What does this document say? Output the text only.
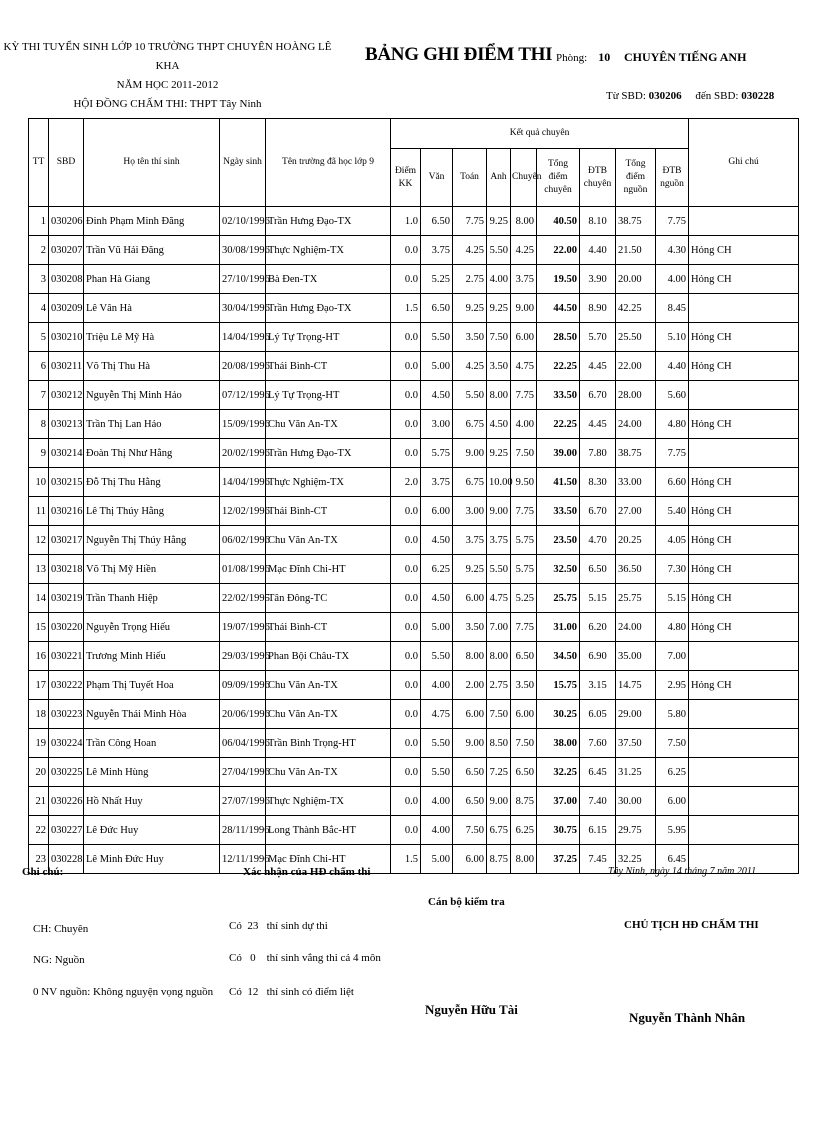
KỲ THI TUYỂN SINH LỚP 10 TRƯỜNG THPT CHUYÊN HOÀNG LÊ KHA
NĂM HỌC 2011-2012
HỘI ĐỒNG CHẤM THI: THPT Tây Ninh
BẢNG GHI ĐIỂM THI Phòng: 10 CHUYÊN TIẾNG ANH
Từ SBD: 030206 đến SBD: 030228
TT	SBD	Họ tên thí sinh	Ngày sinh	Tên trường đã học lớp 9	Kết quả chuyên									Ghi chú
					Điểm KK	Văn	Toán	Anh	Chuyên	Tổng điểm chuyên	ĐTB chuyên	Tổng điểm nguồn	ĐTB nguồn	
1	030206	Đinh Phạm Minh Đăng	02/10/1996	Trần Hưng Đạo-TX	1.0	6.50	7.75	9.25	8.00	40.50	8.10	38.75	7.75	
2	030207	Trần Vũ Hải Đăng	30/08/1996	Thực Nghiệm-TX	0.0	3.75	4.25	5.50	4.25	22.00	4.40	21.50	4.30	Hỏng CH
3	030208	Phan Hà Giang	27/10/1996	Bà Đen-TX	0.0	5.25	2.75	4.00	3.75	19.50	3.90	20.00	4.00	Hỏng CH
4	030209	Lê Vân Hà	30/04/1996	Trần Hưng Đạo-TX	1.5	6.50	9.25	9.25	9.00	44.50	8.90	42.25	8.45	
5	030210	Triệu Lê Mỹ Hà	14/04/1996	Lý Tự Trọng-HT	0.0	5.50	3.50	7.50	6.00	28.50	5.70	25.50	5.10	Hỏng CH
6	030211	Võ Thị Thu Hà	20/08/1996	Thái Bình-CT	0.0	5.00	4.25	3.50	4.75	22.25	4.45	22.00	4.40	Hỏng CH
7	030212	Nguyễn Thị Minh Hảo	07/12/1996	Lý Tự Trọng-HT	0.0	4.50	5.50	8.00	7.75	33.50	6.70	28.00	5.60	
8	030213	Trần Thị Lan Hảo	15/09/1996	Chu Văn An-TX	0.0	3.00	6.75	4.50	4.00	22.25	4.45	24.00	4.80	Hỏng CH
9	030214	Đoàn Thị Như Hằng	20/02/1996	Trần Hưng Đạo-TX	0.0	5.75	9.00	9.25	7.50	39.00	7.80	38.75	7.75	
10	030215	Đỗ Thị Thu Hằng	14/04/1996	Thực Nghiệm-TX	2.0	3.75	6.75	10.00	9.50	41.50	8.30	33.00	6.60	Hỏng CH
11	030216	Lê Thị Thúy Hằng	12/02/1996	Thái Bình-CT	0.0	6.00	3.00	9.00	7.75	33.50	6.70	27.00	5.40	Hỏng CH
12	030217	Nguyễn Thị Thúy Hằng	06/02/1996	Chu Văn An-TX	0.0	4.50	3.75	3.75	5.75	23.50	4.70	20.25	4.05	Hỏng CH
13	030218	Võ Thị Mỹ Hiền	01/08/1996	Mạc Đĩnh Chi-HT	0.0	6.25	9.25	5.50	5.75	32.50	6.50	36.50	7.30	Hỏng CH
14	030219	Trần Thanh Hiệp	22/02/1995	Tân Đông-TC	0.0	4.50	6.00	4.75	5.25	25.75	5.15	25.75	5.15	Hỏng CH
15	030220	Nguyễn Trọng Hiếu	19/07/1996	Thái Bình-CT	0.0	5.00	3.50	7.00	7.75	31.00	6.20	24.00	4.80	Hỏng CH
16	030221	Trương Minh Hiếu	29/03/1996	Phan Bội Châu-TX	0.0	5.50	8.00	8.00	6.50	34.50	6.90	35.00	7.00	
17	030222	Phạm Thị Tuyết Hoa	09/09/1996	Chu Văn An-TX	0.0	4.00	2.00	2.75	3.50	15.75	3.15	14.75	2.95	Hỏng CH
18	030223	Nguyễn Thái Minh Hòa	20/06/1996	Chu Văn An-TX	0.0	4.75	6.00	7.50	6.00	30.25	6.05	29.00	5.80	
19	030224	Trần Công Hoan	06/04/1996	Trần Bình Trọng-HT	0.0	5.50	9.00	8.50	7.50	38.00	7.60	37.50	7.50	
20	030225	Lê Minh Hùng	27/04/1996	Chu Văn An-TX	0.0	5.50	6.50	7.25	6.50	32.25	6.45	31.25	6.25	
21	030226	Hồ Nhất Huy	27/07/1996	Thực Nghiệm-TX	0.0	4.00	6.50	9.00	8.75	37.00	7.40	30.00	6.00	
22	030227	Lê Đức Huy	28/11/1996	Long Thành Bắc-HT	0.0	4.00	7.50	6.75	6.25	30.75	6.15	29.75	5.95	
23	030228	Lê Minh Đức Huy	12/11/1996	Mạc Đĩnh Chi-HT	1.5	5.00	6.00	8.75	8.00	37.25	7.45	32.25	6.45	
Ghi chú:
CH: Chuyên
NG: Nguồn
0 NV nguồn: Không nguyện vọng nguồn
Xác nhận của HĐ chấm thi
Có 23 thí sinh dự thi
Có 0 thí sinh vắng thi cả 4 môn
Có 12 thí sinh có điểm liệt
Cán bộ kiểm tra
Nguyễn Hữu Tài
Tây Ninh, ngày 14 tháng 7 năm 2011
CHỦ TỊCH HĐ CHẤM THI
Nguyễn Thành Nhân
